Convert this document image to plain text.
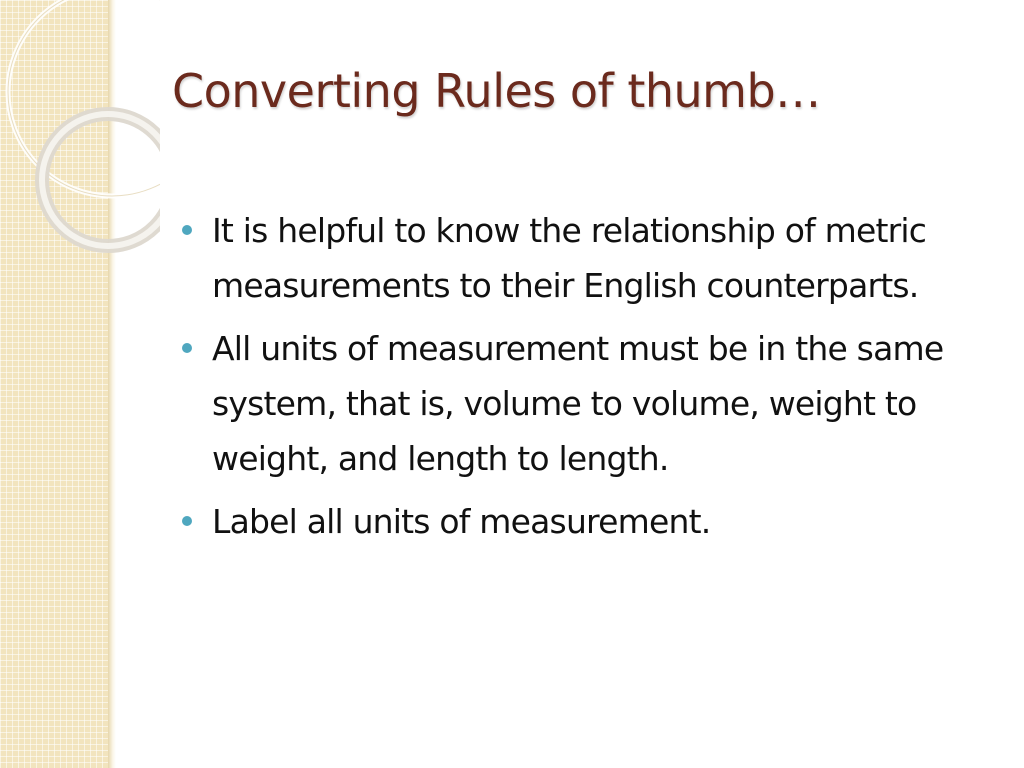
Converting Rules of thumb…
It is helpful to know the relationship of metric measurements to their English counterparts.
All units of measurement must be in the same system, that is, volume to volume, weight to weight, and length to length.
Label all units of measurement.
